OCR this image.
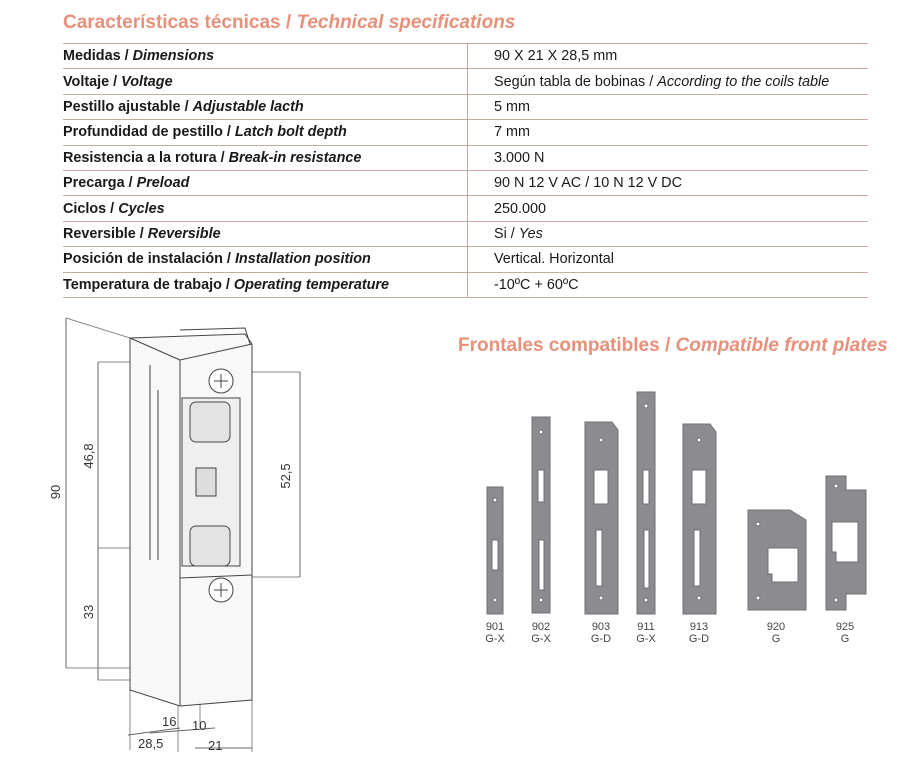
Características técnicas / Technical specifications
Medidas / Dimensions	90 X 21 X 28,5 mm
Voltaje / Voltage	Según tabla de bobinas / According to the coils table
Pestillo ajustable / Adjustable lacth	5 mm
Profundidad de pestillo / Latch bolt depth	7 mm
Resistencia a la rotura / Break-in resistance	3.000 N
Precarga / Preload	90 N 12 V AC / 10 N 12 V DC
Ciclos / Cycles	250.000
Reversible / Reversible	Si / Yes
Posición de instalación / Installation position	Vertical. Horizontal
Temperatura de trabajo / Operating temperature	-10ºC + 60ºC
Frontales compatibles / Compatible front plates
90
46,8
33
52,5
16 10
28,5	21
901
G-X
902
G-X
903
G-D
911
G-X
913
G-D
920
G
925
G
